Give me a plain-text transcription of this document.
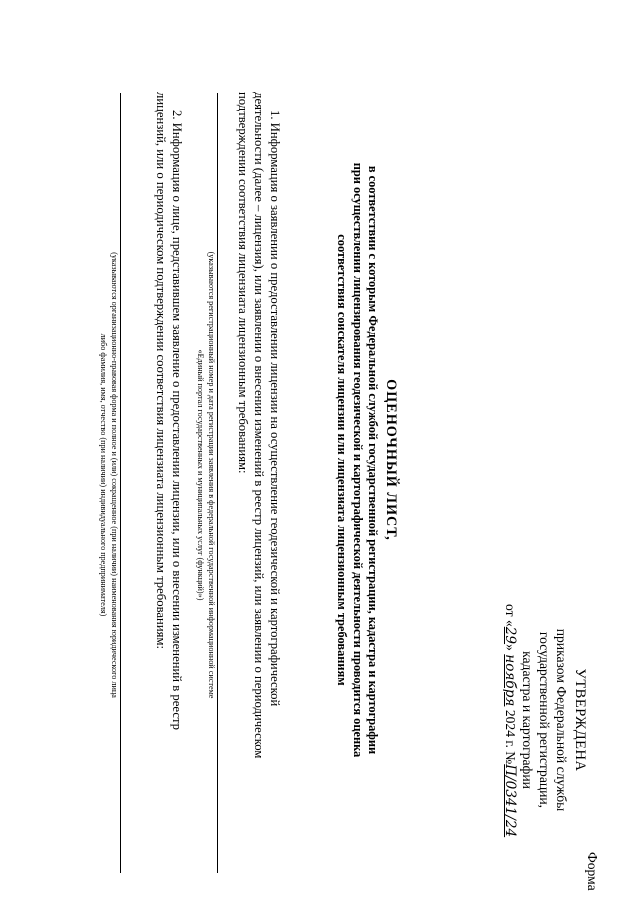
УТВЕРЖДЕНА
приказом Федеральной службы
государственной регистрации,
кадастра и картографии
от «29» ноября 2024 г. №П/0341/24
Форма
ОЦЕНОЧНЫЙ ЛИСТ,
в соответствии с которым Федеральной службой государственной регистрации, кадастра и картографии
при осуществлении лицензирования геодезической и картографической деятельности проводится оценка
соответствия соискателя лицензии или лицензиата лицензионным требованиям
1. Информация о заявлении о предоставлении лицензии на осуществление геодезической и картографической
деятельности (далее – лицензия), или заявлении о внесении изменений в реестр лицензий, или заявлении о периодическом
подтверждении соответствия лицензиата лицензионным требованиям:
(указываются регистрационный номер и дата регистрации заявления в федеральной государственной информационной системе
«Единый портал государственных и муниципальных услуг (функций)»)
2. Информация о лице, представившем заявление о предоставлении лицензии, или о внесении изменений в реестр
лицензий, или о периодическом подтверждении соответствия лицензиата лицензионным требованиям:
(указываются организационно-правовая форма и полное и (или) сокращенное (при наличии) наименования юридического лица
либо фамилия, имя, отчество (при наличии) индивидуального предпринимателя)
